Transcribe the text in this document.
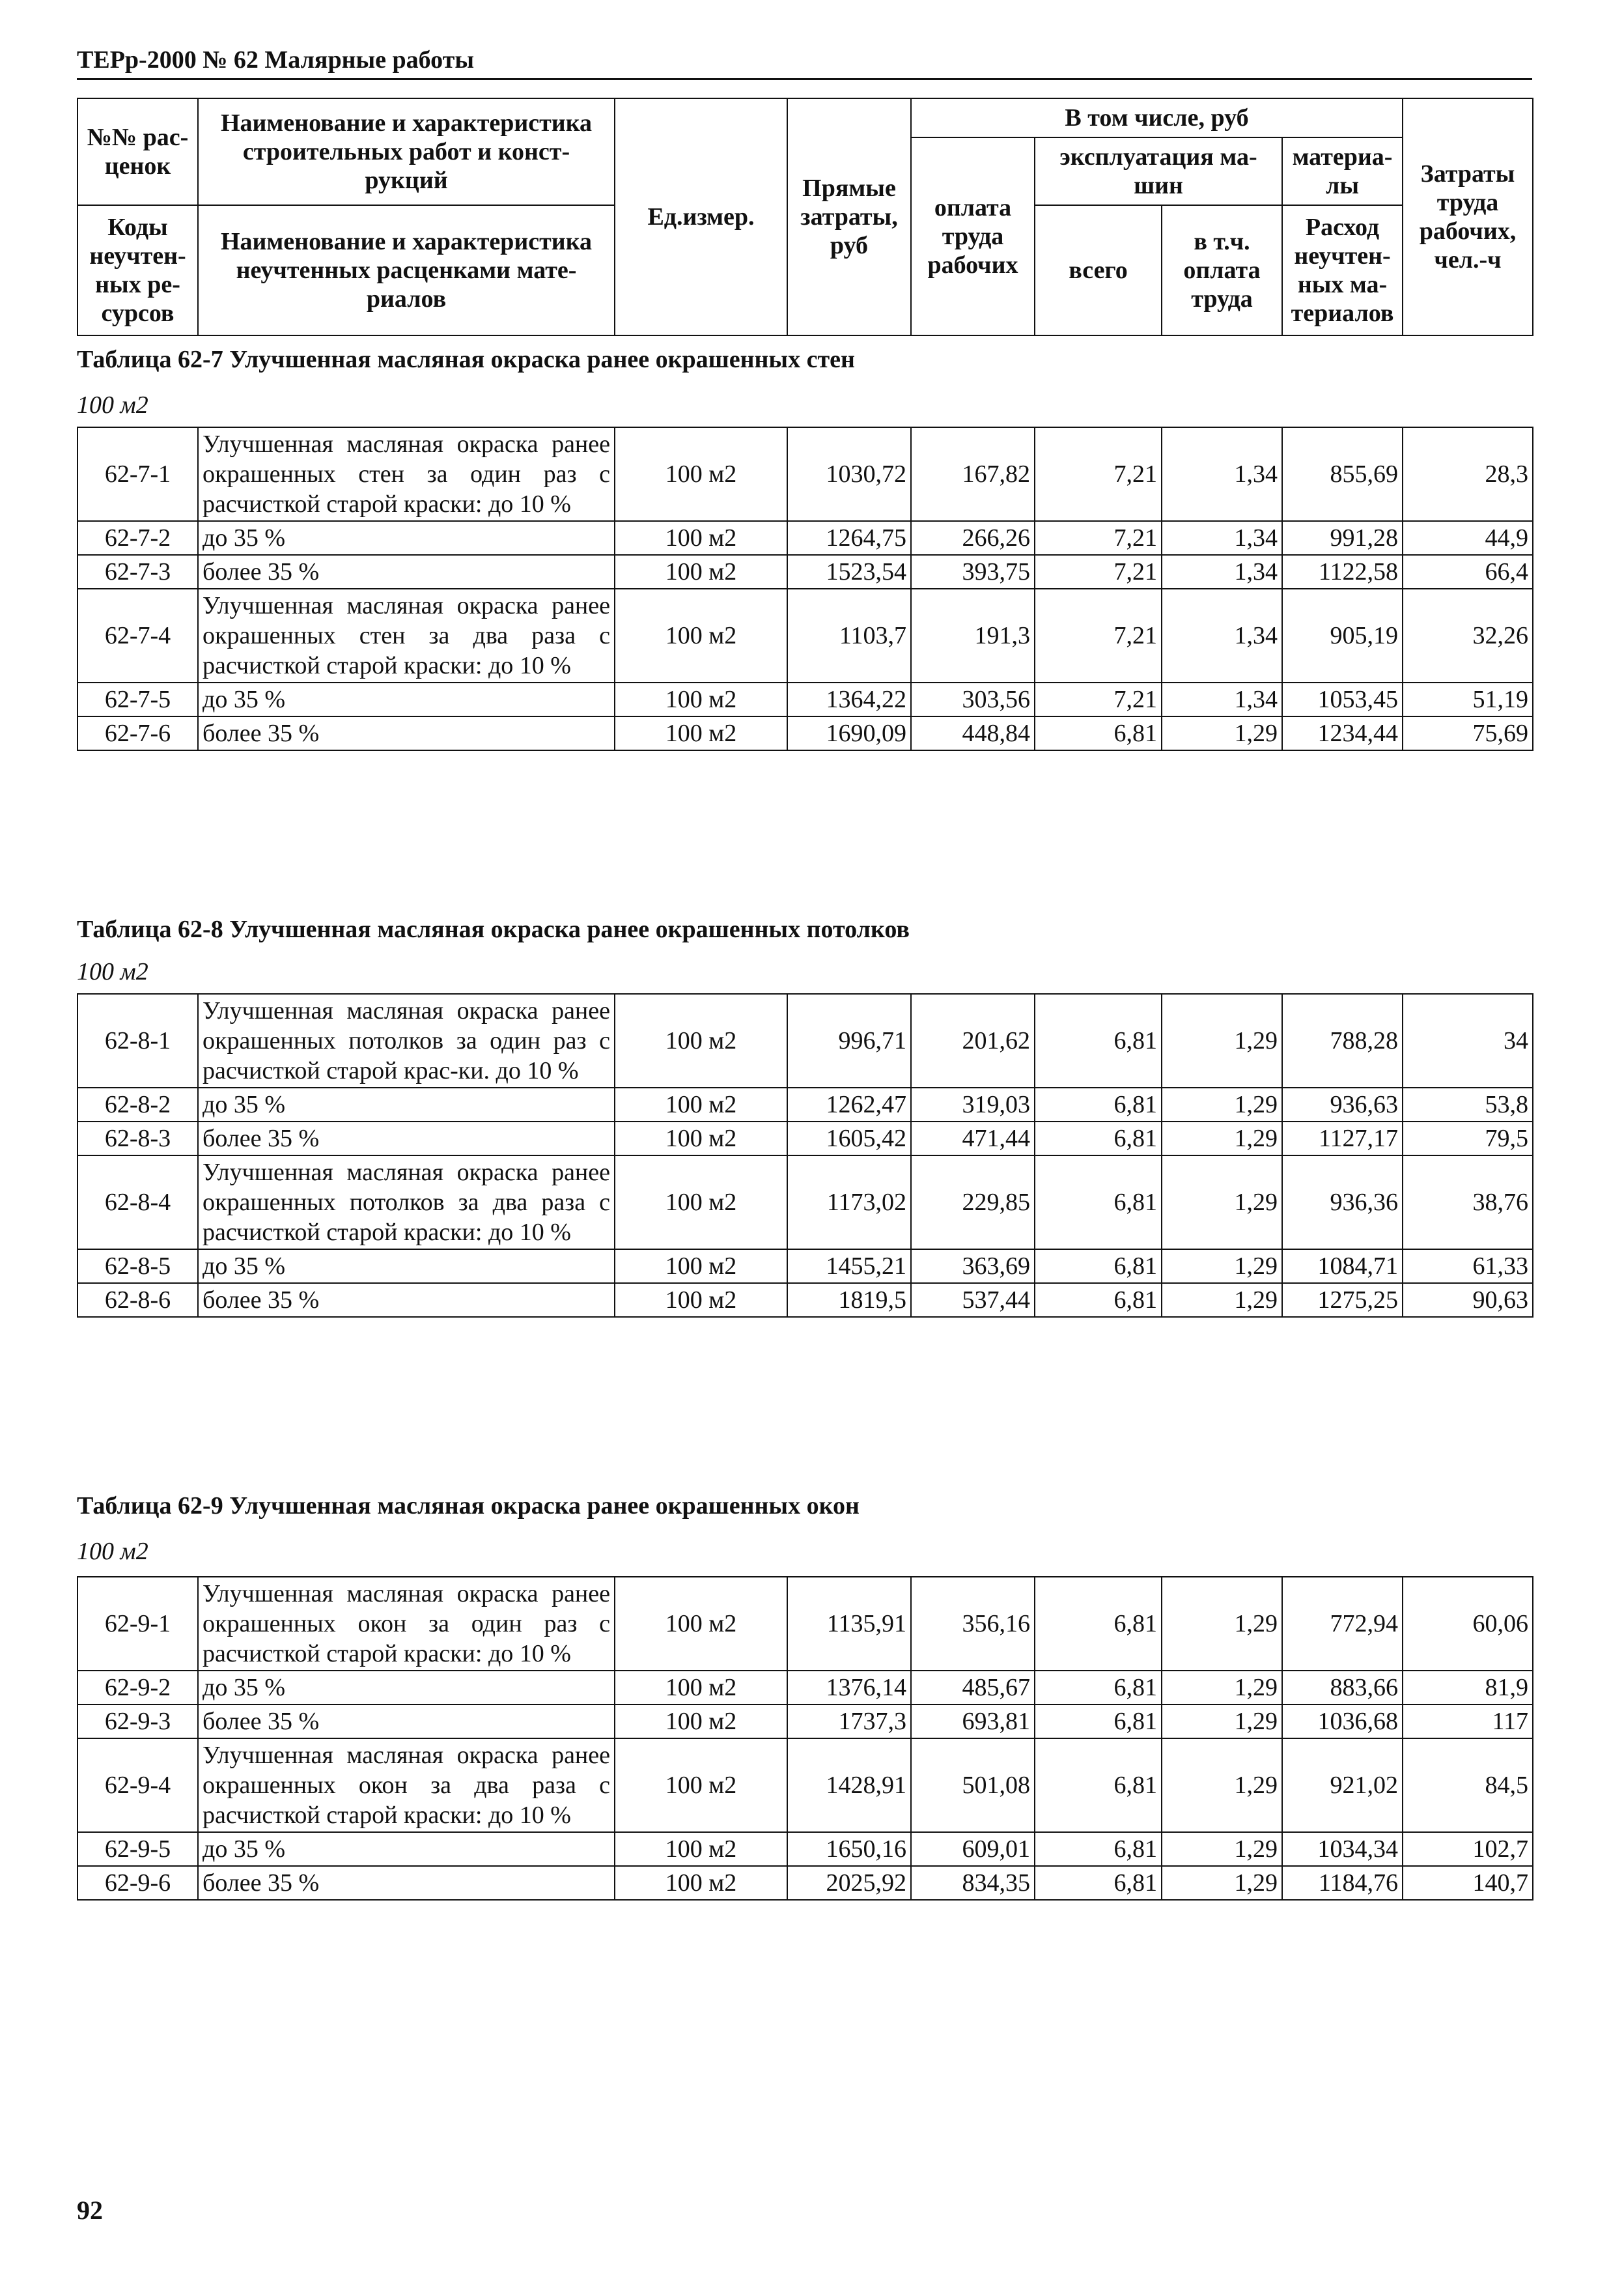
ТЕРр-2000 № 62 Малярные работы
№№ рас-ценок	Наименование и характеристика строительных работ и конст-рукций	Ед.измер.	Прямые затраты, руб	В том числе, руб				Затраты труда рабочих, чел.-ч
				оплата труда рабочих	эксплуатация ма-шин		материа-лы	

Коды неучтен-ных ре-сурсов	Наименование и характеристика неучтенных расценками мате-риалов				всего	в т.ч. оплата труда	Расход неучтен-ных ма-териалов	

Таблица 62-7 Улучшенная масляная окраска ранее окрашенных стен
100 м2
62-7-1	Улучшенная масляная окраска ранее окрашенных стен за один раз с расчисткой старой краски: до 10 %	100 м2	1030,72	167,82	7,21	1,34	855,69	28,3
62-7-2	до 35 %	100 м2	1264,75	266,26	7,21	1,34	991,28	44,9
62-7-3	более 35 %	100 м2	1523,54	393,75	7,21	1,34	1122,58	66,4
62-7-4	Улучшенная масляная окраска ранее окрашенных стен за два раза с расчисткой старой краски: до 10 %	100 м2	1103,7	191,3	7,21	1,34	905,19	32,26
62-7-5	до 35 %	100 м2	1364,22	303,56	7,21	1,34	1053,45	51,19
62-7-6	более 35 %	100 м2	1690,09	448,84	6,81	1,29	1234,44	75,69
Таблица 62-8 Улучшенная масляная окраска ранее окрашенных потолков
100 м2
62-8-1	Улучшенная масляная окраска ранее окрашенных потолков за один раз с расчисткой старой крас-ки. до 10 %	100 м2	996,71	201,62	6,81	1,29	788,28	34
62-8-2	до 35 %	100 м2	1262,47	319,03	6,81	1,29	936,63	53,8
62-8-3	более 35 %	100 м2	1605,42	471,44	6,81	1,29	1127,17	79,5
62-8-4	Улучшенная масляная окраска ранее окрашенных потолков за два раза с расчисткой старой краски: до 10 %	100 м2	1173,02	229,85	6,81	1,29	936,36	38,76
62-8-5	до 35 %	100 м2	1455,21	363,69	6,81	1,29	1084,71	61,33
62-8-6	более 35 %	100 м2	1819,5	537,44	6,81	1,29	1275,25	90,63
Таблица 62-9 Улучшенная масляная окраска ранее окрашенных окон
100 м2
62-9-1	Улучшенная масляная окраска ранее окрашенных окон за один раз с расчисткой старой краски: до 10 %	100 м2	1135,91	356,16	6,81	1,29	772,94	60,06
62-9-2	до 35 %	100 м2	1376,14	485,67	6,81	1,29	883,66	81,9
62-9-3	более 35 %	100 м2	1737,3	693,81	6,81	1,29	1036,68	117
62-9-4	Улучшенная масляная окраска ранее окрашенных окон за два раза с расчисткой старой краски: до 10 %	100 м2	1428,91	501,08	6,81	1,29	921,02	84,5
62-9-5	до 35 %	100 м2	1650,16	609,01	6,81	1,29	1034,34	102,7
62-9-6	более 35 %	100 м2	2025,92	834,35	6,81	1,29	1184,76	140,7
92
